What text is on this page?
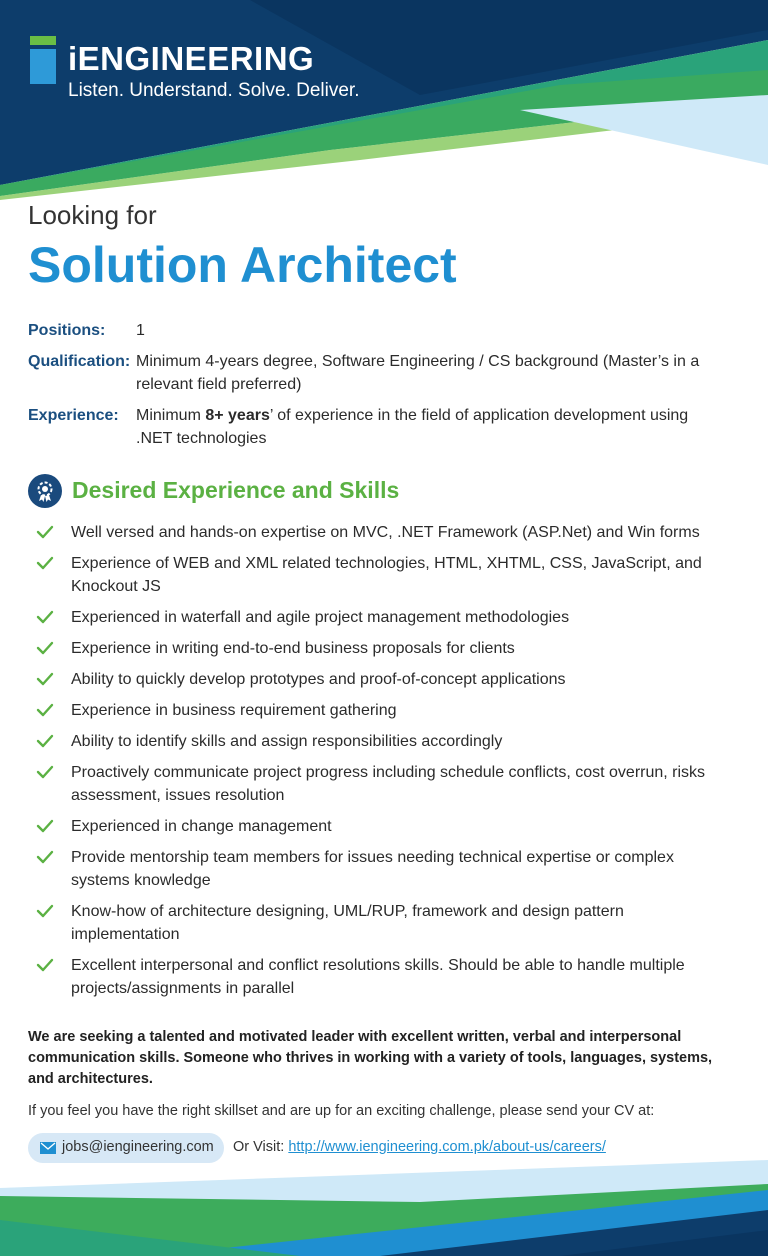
iENGINEERING
Listen. Understand. Solve. Deliver.
Looking for
Solution Architect
Positions: 1
Qualification: Minimum 4-years degree, Software Engineering / CS background (Master’s in a relevant field preferred)
Experience: Minimum 8+ years’ of experience in the field of application development using .NET technologies
Desired Experience and Skills
Well versed and hands-on expertise on MVC, .NET Framework (ASP.Net) and Win forms
Experience of WEB and XML related technologies, HTML, XHTML, CSS, JavaScript, and Knockout JS
Experienced in waterfall and agile project management methodologies
Experience in writing end-to-end business proposals for clients
Ability to quickly develop prototypes and proof-of-concept applications
Experience in business requirement gathering
Ability to identify skills and assign responsibilities accordingly
Proactively communicate project progress including schedule conflicts, cost overrun, risks assessment, issues resolution
Experienced in change management
Provide mentorship team members for issues needing technical expertise or complex systems knowledge
Know-how of architecture designing, UML/RUP, framework and design pattern implementation
Excellent interpersonal and conflict resolutions skills. Should be able to handle multiple projects/assignments in parallel
We are seeking a talented and motivated leader with excellent written, verbal and interpersonal communication skills. Someone who thrives in working with a variety of tools, languages, systems, and architectures.
If you feel you have the right skillset and are up for an exciting challenge, please send your CV at:
jobs@iengineering.com Or Visit: http://www.iengineering.com.pk/about-us/careers/
